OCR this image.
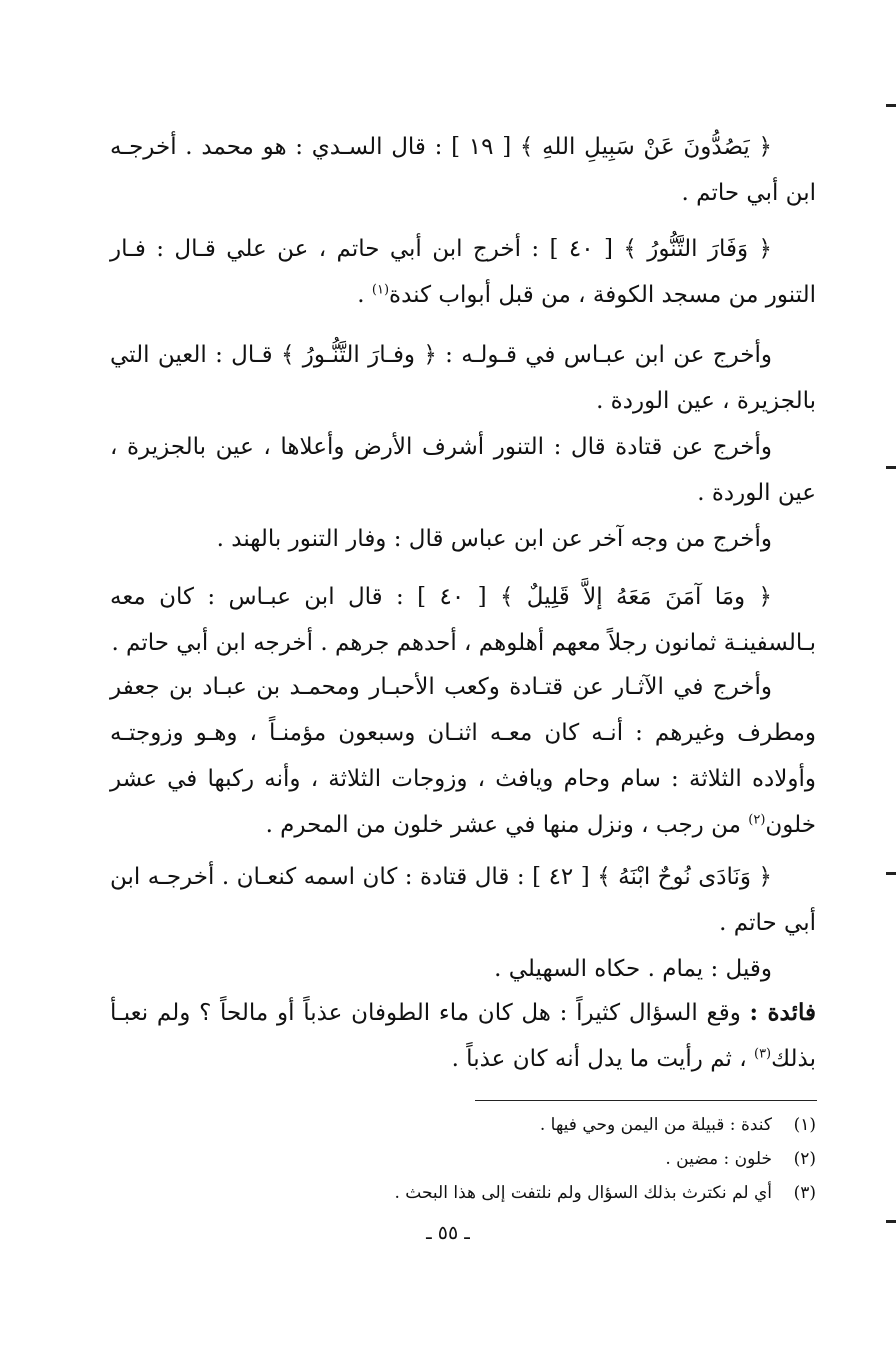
﴿ يَصُدُّونَ عَنْ سَبِيلِ اللهِ ﴾ [ ١٩ ] : قال السـدي : هو محمد . أخرجـه ابن أبي حاتم .

﴿ وَفَارَ التَّنُّورُ ﴾ [ ٤٠ ] : أخرج ابن أبي حاتم ، عن علي قـال : فـار التنور من مسجد الكوفة ، من قبل أبواب كندة$^{(١)}$ .

وأخرج عن ابن عبـاس في قـولـه : ﴿ وفـارَ التَّنُّـورُ ﴾ قـال : العين التي بالجزيرة ، عين الوردة .

وأخرج عن قتادة قال : التنور أشرف الأرض وأعلاها ، عين بالجزيرة ، عين الوردة .

وأخرج من وجه آخر عن ابن عباس قال : وفار التنور بالهند .

﴿ ومَا آمَنَ مَعَهُ إلاَّ قَلِيلٌ ﴾ [ ٤٠ ] : قال ابن عبـاس : كان معه بـالسفينـة ثمانون رجلاً معهم أهلوهم ، أحدهم جرهم . أخرجه ابن أبي حاتم .

وأخرج في الآثـار عن قتـادة وكعب الأحبـار ومحمـد بن عبـاد بن جعفر ومطرف وغيرهم : أنـه كان معـه اثنـان وسبعون مؤمنـاً ، وهـو وزوجتـه وأولاده الثلاثة : سام وحام ويافث ، وزوجات الثلاثة ، وأنه ركبها في عشر خلون$^{(٢)}$ من رجب ، ونزل منها في عشر خلون من المحرم .

﴿ وَنَادَى نُوحٌ ابْنَهُ ﴾ [ ٤٢ ] : قال قتادة : كان اسمه كنعـان . أخرجـه ابن أبي حاتم .

وقيل : يمام . حكاه السهيلي .

فائدة : وقع السؤال كثيراً : هل كان ماء الطوفان عذباً أو مالحاً ؟ ولم نعبـأ بذلك$^{(٣)}$ ، ثم رأيت ما يدل أنه كان عذباً .

(١)
كندة : قبيلة من اليمن وحي فيها .
(٢)
خلون : مضين .
(٣)
أي لم نكترث بذلك السؤال ولم نلتفت إلى هذا البحث .
ـ ٥٥ ـ
